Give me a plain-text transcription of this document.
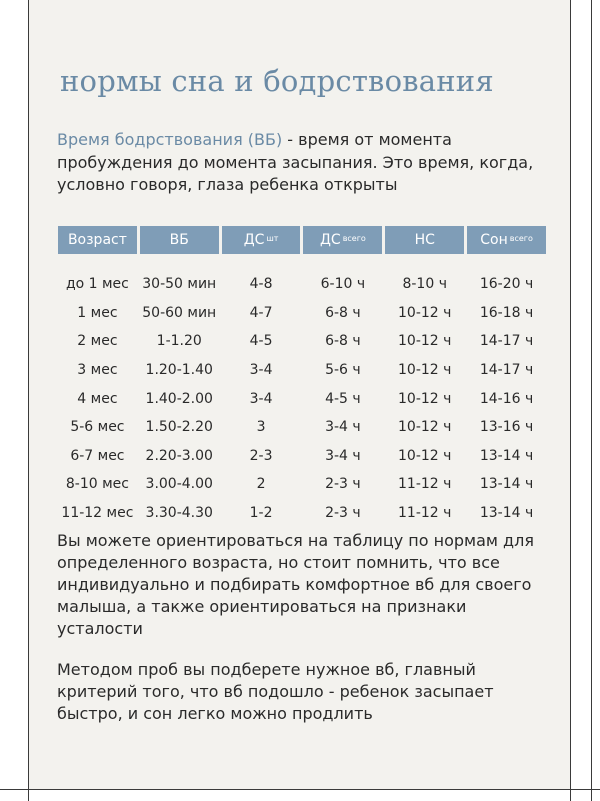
нормы сна и бодрствования

Время бодрствования (ВБ) - время от момента пробуждения до момента засыпания. Это время, когда, условно говоря, глаза ребенка открыты

Возраст	ВБ	ДС $^{шт}$	ДС $^{всего}$	НС	Сон $^{всего}$
до 1 мес	30-50 мин	4-8	6-10 ч	8-10 ч	16-20 ч
1 мес	50-60 мин	4-7	6-8 ч	10-12 ч	16-18 ч
2 мес	1-1.20	4-5	6-8 ч	10-12 ч	14-17 ч
3 мес	1.20-1.40	3-4	5-6 ч	10-12 ч	14-17 ч
4 мес	1.40-2.00	3-4	4-5 ч	10-12 ч	14-16 ч
5-6 мес	1.50-2.20	3	3-4 ч	10-12 ч	13-16 ч
6-7 мес	2.20-3.00	2-3	3-4 ч	10-12 ч	13-14 ч
8-10 мес	3.00-4.00	2	2-3 ч	11-12 ч	13-14 ч
11-12 мес	3.30-4.30	1-2	2-3 ч	11-12 ч	13-14 ч

Вы можете ориентироваться на таблицу по нормам для определенного возраста, но стоит помнить, что все индивидуально и подбирать комфортное вб для своего малыша, а также ориентироваться на признаки усталости

Методом проб вы подберете нужное вб, главный критерий того, что вб подошло - ребенок засыпает быстро, и сон легко можно продлить
